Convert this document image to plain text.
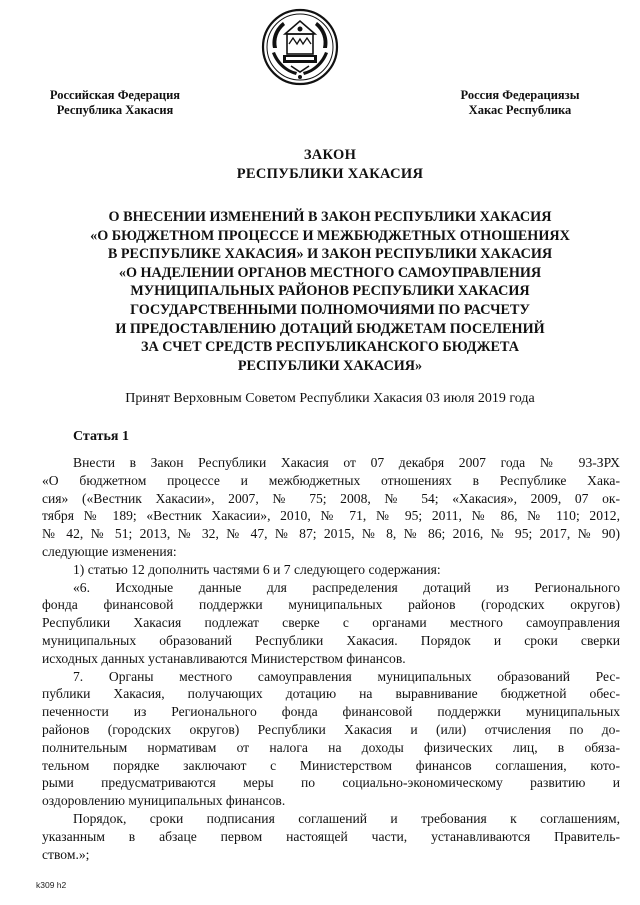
Российская Федерация
Республика Хакасия
Россия Федерациязы
Хакас Республика
ЗАКОН
РЕСПУБЛИКИ ХАКАСИЯ
О ВНЕСЕНИИ ИЗМЕНЕНИЙ В ЗАКОН РЕСПУБЛИКИ ХАКАСИЯ
«О БЮДЖЕТНОМ ПРОЦЕССЕ И МЕЖБЮДЖЕТНЫХ ОТНОШЕНИЯХ
В РЕСПУБЛИКЕ ХАКАСИЯ» И ЗАКОН РЕСПУБЛИКИ ХАКАСИЯ
«О НАДЕЛЕНИИ ОРГАНОВ МЕСТНОГО САМОУПРАВЛЕНИЯ
МУНИЦИПАЛЬНЫХ РАЙОНОВ РЕСПУБЛИКИ ХАКАСИЯ
ГОСУДАРСТВЕННЫМИ ПОЛНОМОЧИЯМИ ПО РАСЧЕТУ
И ПРЕДОСТАВЛЕНИЮ ДОТАЦИЙ БЮДЖЕТАМ ПОСЕЛЕНИЙ
ЗА СЧЕТ СРЕДСТВ РЕСПУБЛИКАНСКОГО БЮДЖЕТА
РЕСПУБЛИКИ ХАКАСИЯ»
Принят Верховным Советом Республики Хакасия 03 июля 2019 года
Статья 1
Внести в Закон Республики Хакасия от 07 декабря 2007 года № 93-ЗРХ
«О бюджетном процессе и межбюджетных отношениях в Республике Хака-
сия» («Вестник Хакасии», 2007, № 75; 2008, № 54; «Хакасия», 2009, 07 ок-
тября № 189; «Вестник Хакасии», 2010, № 71, № 95; 2011, № 86, № 110; 2012,
№ 42, № 51; 2013, № 32, № 47, № 87; 2015, № 8, № 86; 2016, № 95; 2017, № 90)
следующие изменения:
1) статью 12 дополнить частями 6 и 7 следующего содержания:
«6. Исходные данные для распределения дотаций из Регионального
фонда финансовой поддержки муниципальных районов (городских округов)
Республики Хакасия подлежат сверке с органами местного самоуправления
муниципальных образований Республики Хакасия. Порядок и сроки сверки
исходных данных устанавливаются Министерством финансов.
7. Органы местного самоуправления муниципальных образований Рес-
публики Хакасия, получающих дотацию на выравнивание бюджетной обес-
печенности из Регионального фонда финансовой поддержки муниципальных
районов (городских округов) Республики Хакасия и (или) отчисления по до-
полнительным нормативам от налога на доходы физических лиц, в обяза-
тельном порядке заключают с Министерством финансов соглашения, кото-
рыми предусматриваются меры по социально-экономическому развитию и
оздоровлению муниципальных финансов.
Порядок, сроки подписания соглашений и требования к соглашениям,
указанным в абзаце первом настоящей части, устанавливаются Правитель-
ством.»;
k309 h2
